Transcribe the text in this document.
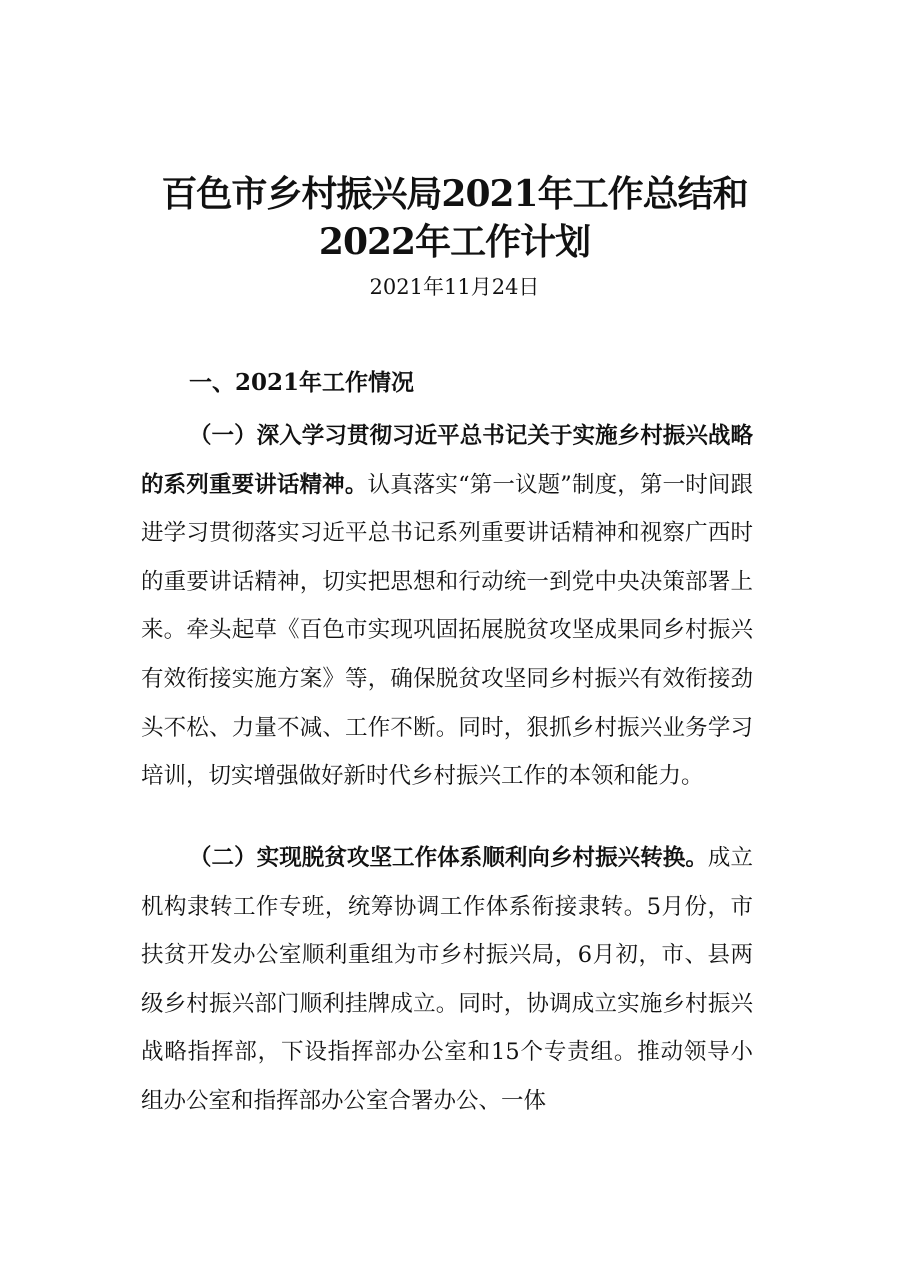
百色市乡村振兴局2021年工作总结和
2022年工作计划
2021年11月24日
一、2021年工作情况
（一）深入学习贯彻习近平总书记关于实施乡村振兴战略的系列重要讲话精神。认真落实“第一议题”制度，第一时间跟进学习贯彻落实习近平总书记系列重要讲话精神和视察广西时的重要讲话精神，切实把思想和行动统一到党中央决策部署上来。牵头起草《百色市实现巩固拓展脱贫攻坚成果同乡村振兴有效衔接实施方案》等，确保脱贫攻坚同乡村振兴有效衔接劲头不松、力量不减、工作不断。同时，狠抓乡村振兴业务学习培训，切实增强做好新时代乡村振兴工作的本领和能力。
（二）实现脱贫攻坚工作体系顺利向乡村振兴转换。成立机构隶转工作专班，统筹协调工作体系衔接隶转。5月份，市扶贫开发办公室顺利重组为市乡村振兴局，6月初，市、县两级乡村振兴部门顺利挂牌成立。同时，协调成立实施乡村振兴战略指挥部，下设指挥部办公室和15个专责组。推动领导小组办公室和指挥部办公室合署办公、一体
